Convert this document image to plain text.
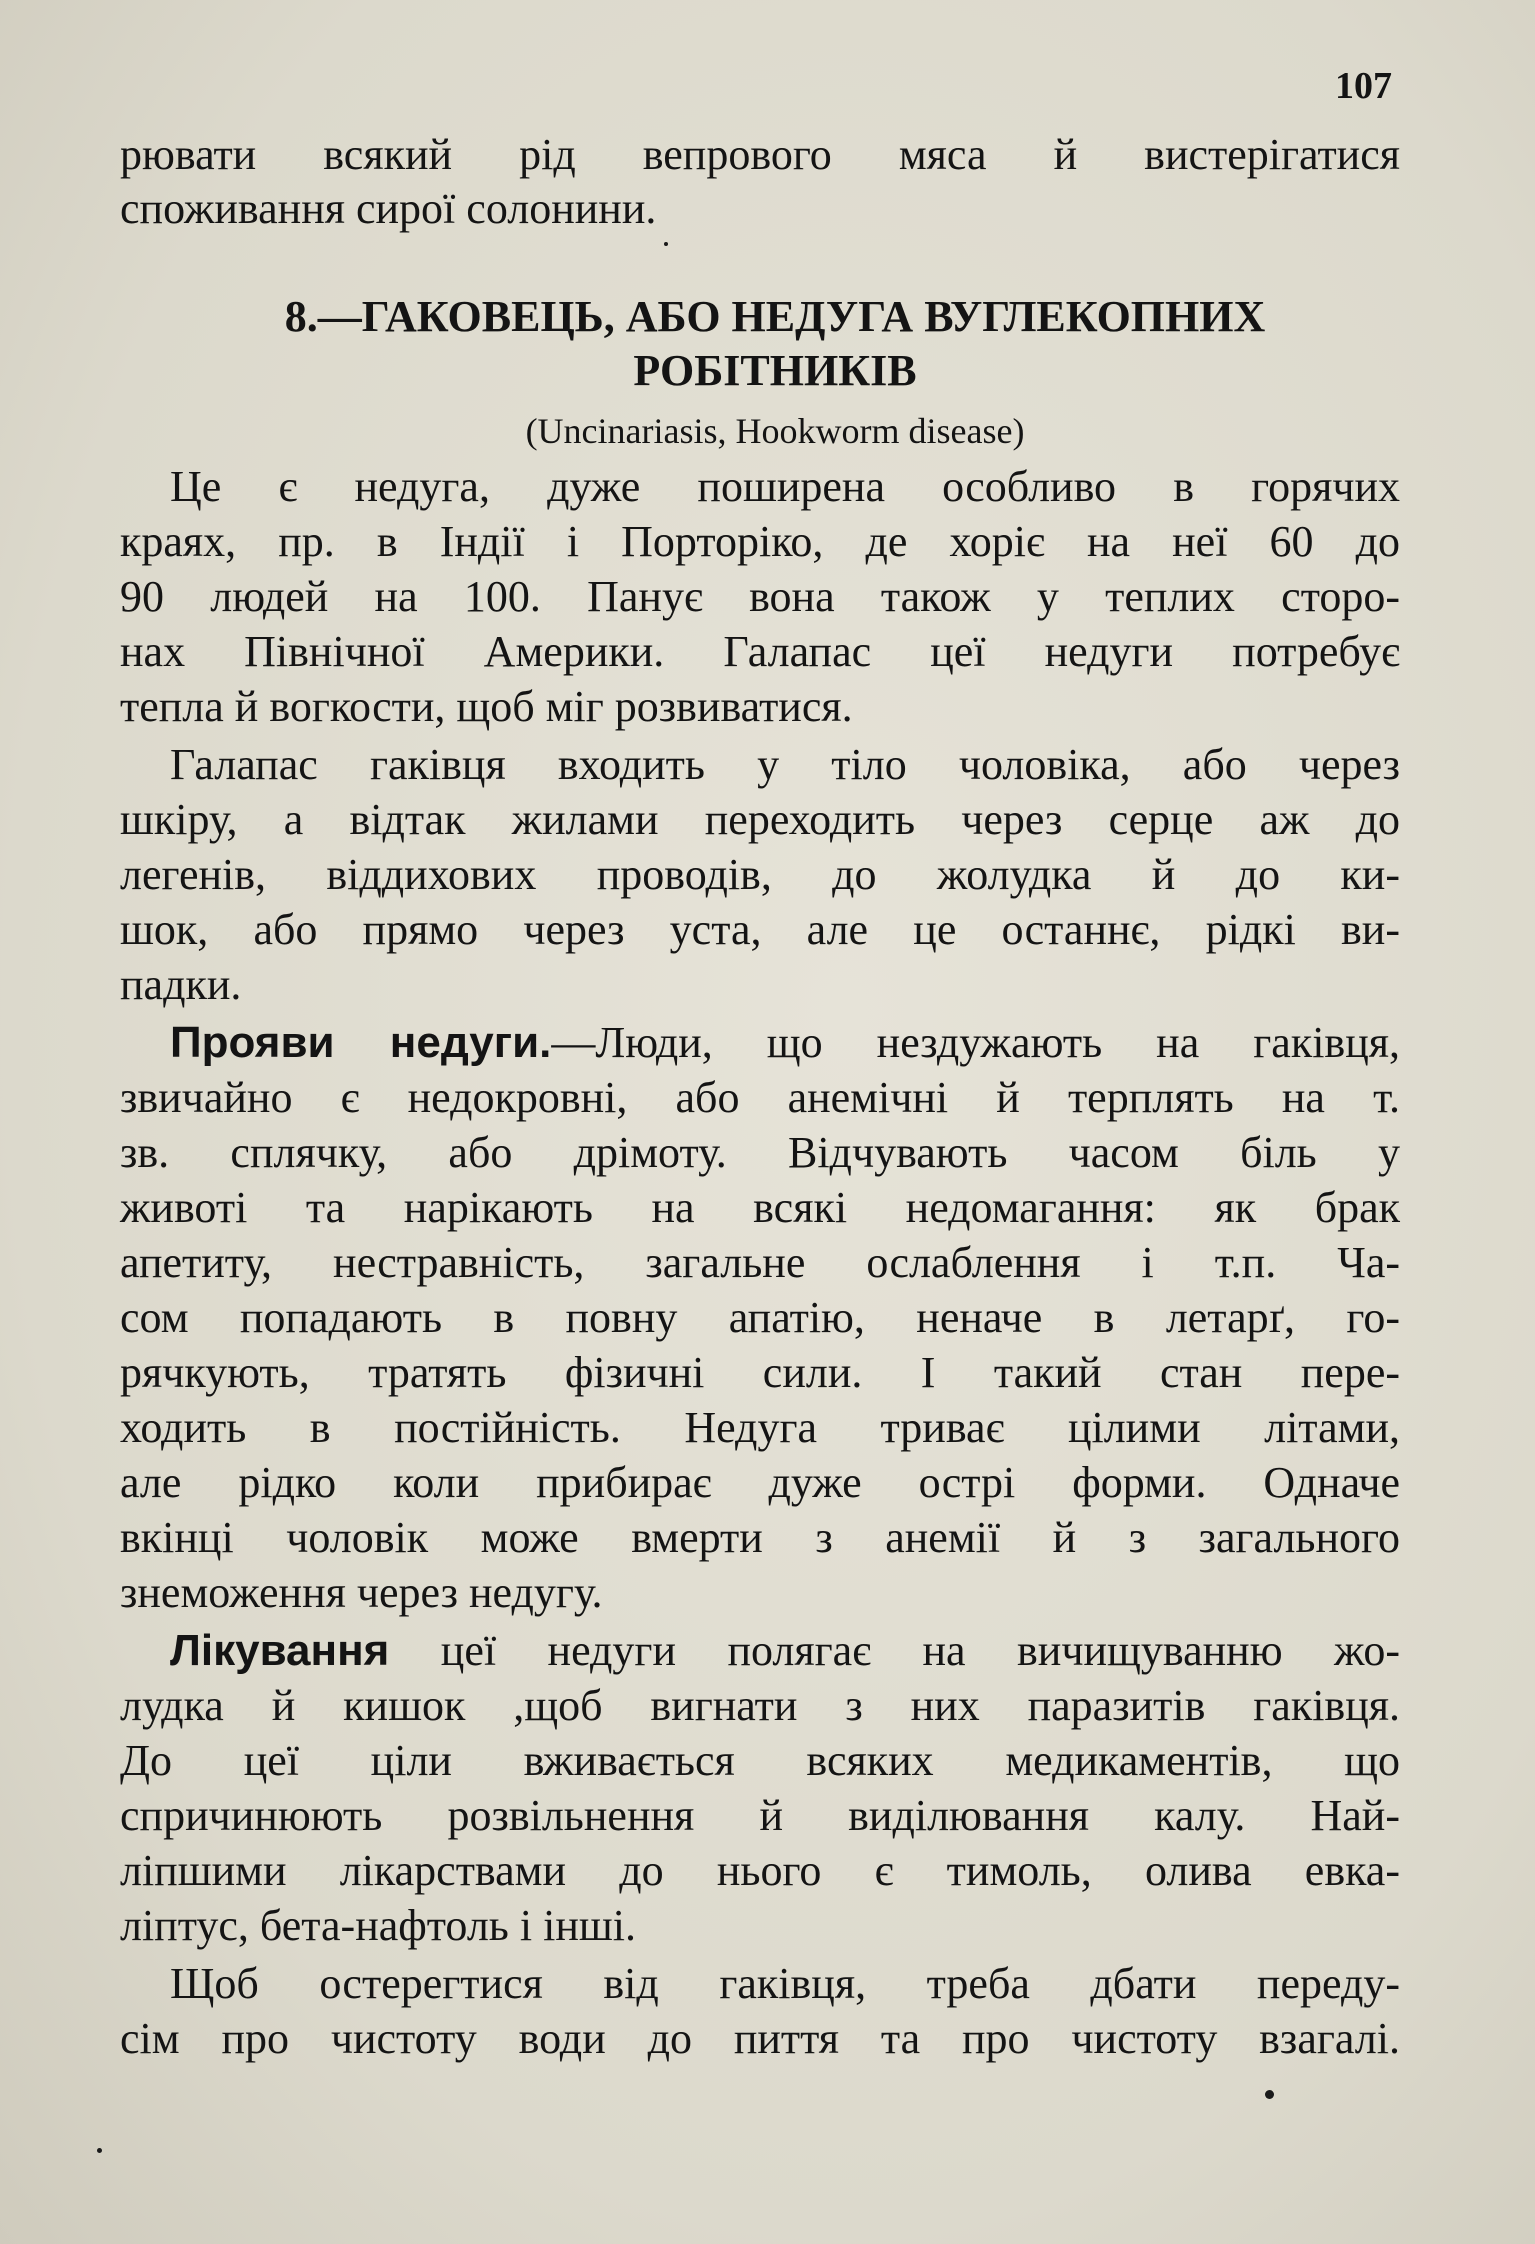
107
рювати всякий рід вепрового мяса й вистерігатися
споживання сирої солонини.
8.—ГАКОВЕЦЬ, АБО НЕДУГА ВУГЛЕКОПНИХ
РОБІТНИКІВ
(Uncinariasis, Hookworm disease)
Це є недуга, дуже поширена особливо в горячих
краях, пр. в Індії і Порторіко, де хоріє на неї 60 до
90 людей на 100. Панує вона також у теплих сторо-
нах Північної Америки. Галапас цеї недуги потребує
тепла й вогкости, щоб міг розвиватися.
Галапас гаківця входить у тіло чоловіка, або через
шкіру, а відтак жилами переходить через серце аж до
легенів, віддихових проводів, до жолудка й до ки-
шок, або прямо через уста, але це останнє, рідкі ви-
падки.
Прояви недуги.—Люди, що нездужають на гаківця,
звичайно є недокровні, або анемічні й терплять на т.
зв. сплячку, або дрімоту. Відчувають часом біль у
животі та нарікають на всякі недомагання: як брак
апетиту, нестравність, загальне ослаблення і т.п. Ча-
сом попадають в повну апатію, неначе в летарґ, го-
рячкують, тратять фізичні сили. І такий стан пере-
ходить в постійність. Недуга триває цілими літами,
але рідко коли прибирає дуже острі форми. Одначе
вкінці чоловік може вмерти з анемії й з загального
знеможення через недугу.
Лікування цеї недуги полягає на вичищуванню жо-
лудка й кишок ,щоб вигнати з них паразитів гаківця.
До цеї ціли вживається всяких медикаментів, що
спричинюють розвільнення й виділювання калу. Най-
ліпшими лікарствами до нього є тимоль, олива евка-
ліптус, бета-нафтоль і інші.
Щоб остерегтися від гаківця, треба дбати переду-
сім про чистоту води до пиття та про чистоту взагалі.
